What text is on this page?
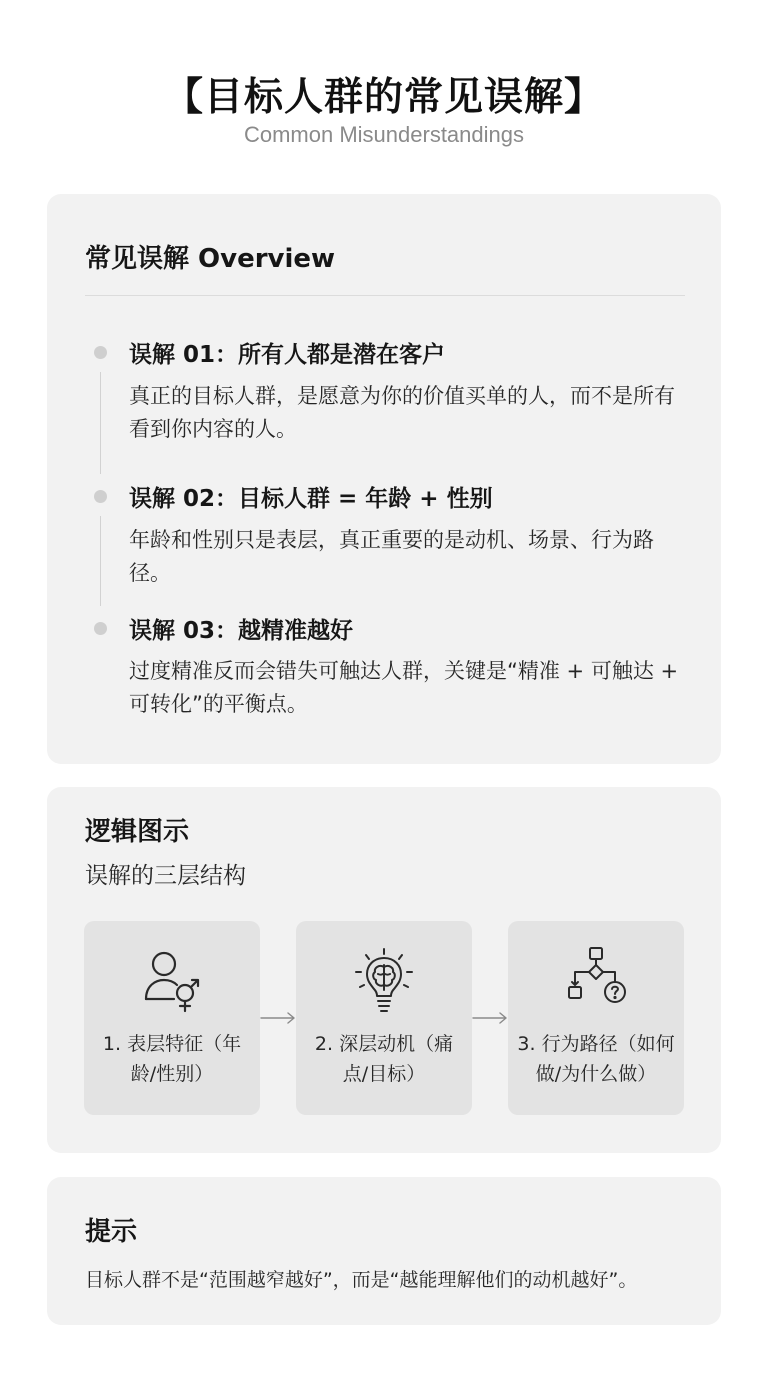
【目标人群的常见误解】
Common Misunderstandings
常见误解 Overview
误解 01：所有人都是潜在客户

真正的目标人群，是愿意为你的价值买单的人，而不是所有看到你内容的人。

误解 02：目标人群 = 年龄 + 性别

年龄和性别只是表层，真正重要的是动机、场景、行为路径。

误解 03：越精准越好

过度精准反而会错失可触达人群，关键是“精准 + 可触达 + 可转化”的平衡点。

逻辑图示
误解的三层结构
1. 表层特征（年龄/性别）
2. 深层动机（痛点/目标）
3. 行为路径（如何做/为什么做）
提示

目标人群不是“范围越窄越好”，而是“越能理解他们的动机越好”。
